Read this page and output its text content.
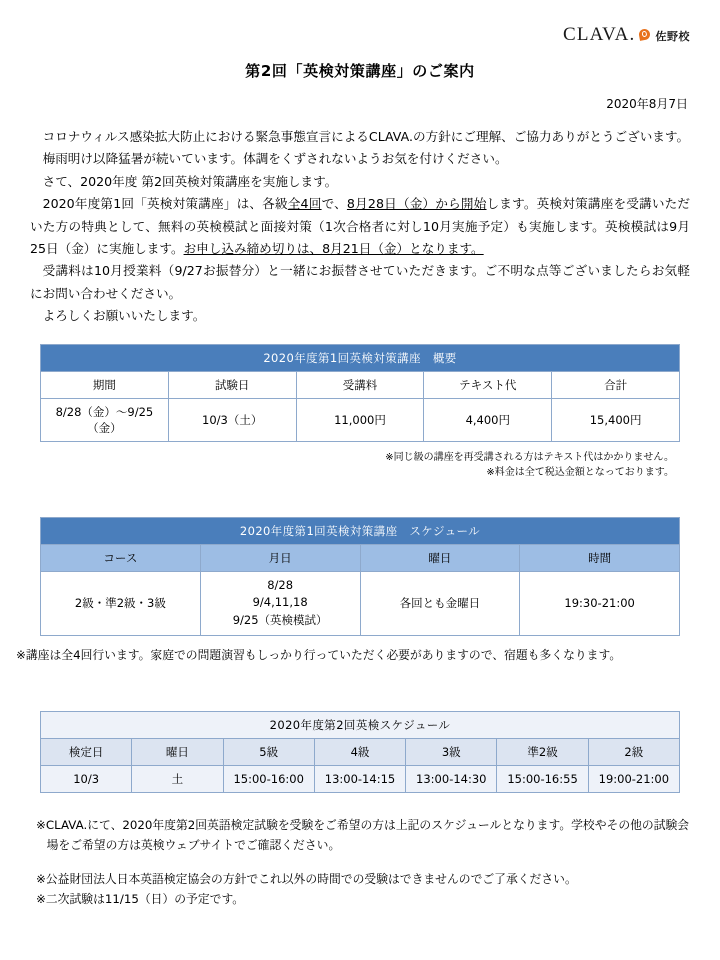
CLAVA. 佐野校
第2回「英検対策講座」のご案内
2020年8月7日

コロナウィルス感染拡大防止における緊急事態宣言によるCLAVA.の方針にご理解、ご協力ありがとうございます。

梅雨明け以降猛暑が続いています。体調をくずされないようお気を付けください。

さて、2020年度 第2回英検対策講座を実施します。

2020年度第1回「英検対策講座」は、各級全4回で、8月28日（金）から開始します。英検対策講座を受講いただいた方の特典として、無料の英検模試と面接対策（1次合格者に対し10月実施予定）も実施します。英検模試は9月25日（金）に実施します。お申し込み締め切りは、8月21日（金）となります。

受講料は10月授業料（9/27お振替分）と一緒にお振替させていただきます。ご不明な点等ございましたらお気軽にお問い合わせください。

よろしくお願いいたします。

2020年度第1回英検対策講座　概要				
期間	試験日	受講料	テキスト代	合計
8/28（金）～9/25（金）	10/3（土）	11,000円	4,400円	15,400円
※同じ級の講座を再受講される方はテキスト代はかかりません。
※料金は全て税込金額となっております。
2020年度第1回英検対策講座　スケジュール			
コース	月日	曜日	時間
2級・準2級・3級	8/28
9/4,11,18
9/25（英検模試）	各回とも金曜日	19:30-21:00
※講座は全4回行います。家庭での問題演習もしっかり行っていただく必要がありますので、宿題も多くなります。
2020年度第2回英検スケジュール						
検定日	曜日	5級	4級	3級	準2級	2級
10/3	土	15:00-16:00	13:00-14:15	13:00-14:30	15:00-16:55	19:00-21:00

※CLAVA.にて、2020年度第2回英語検定試験を受験をご希望の方は上記のスケジュールとなります。学校やその他の試験会場をご希望の方は英検ウェブサイトでご確認ください。

※公益財団法人日本英語検定協会の方針でこれ以外の時間での受験はできませんのでご了承ください。

※二次試験は11/15（日）の予定です。
